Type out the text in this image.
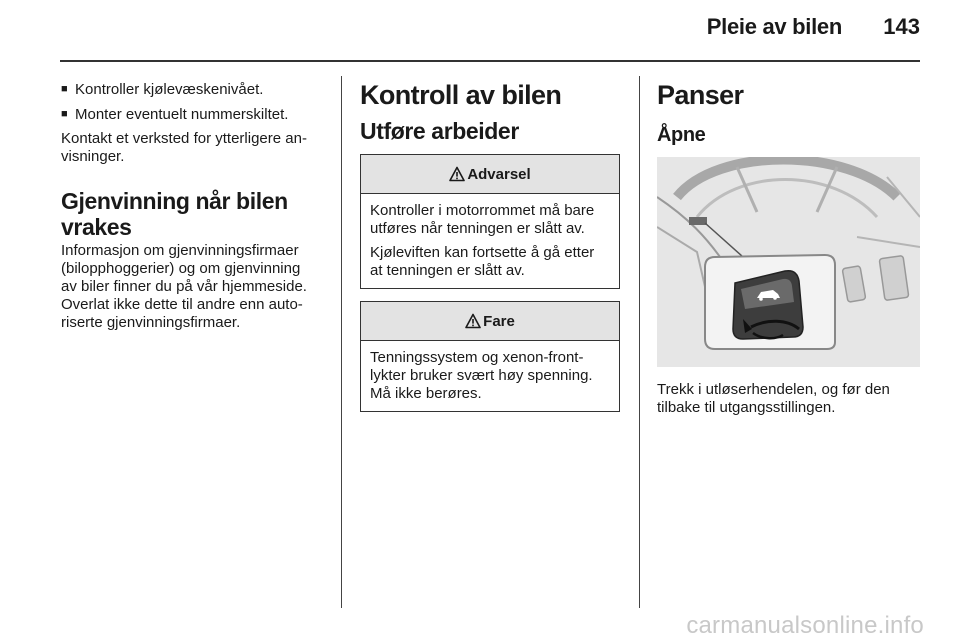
Pleie av bilen 143
■ Kontroller kjølevæskenivået.
■ Monter eventuelt nummerskiltet.

Kontakt et verksted for ytterligere an-
visninger.

Gjenvinning når bilen
vrakes

Informasjon om gjenvinningsfirmaer
(bilopphoggerier) og om gjenvinning
av biler finner du på vår hjemmeside.
Overlat ikke dette til andre enn auto-
riserte gjenvinningsfirmaer.

Kontroll av bilen
Utføre arbeider
Advarsel

Kontroller i motorrommet må bare
utføres når tenningen er slått av.

Kjøleviften kan fortsette å gå etter
at tenningen er slått av.

Fare

Tenningssystem og xenon-front-
lykter bruker svært høy spenning.
Må ikke berøres.

Panser
Åpne

Trekk i utløserhendelen, og før den
tilbake til utgangsstillingen.

carmanualsonline.info
